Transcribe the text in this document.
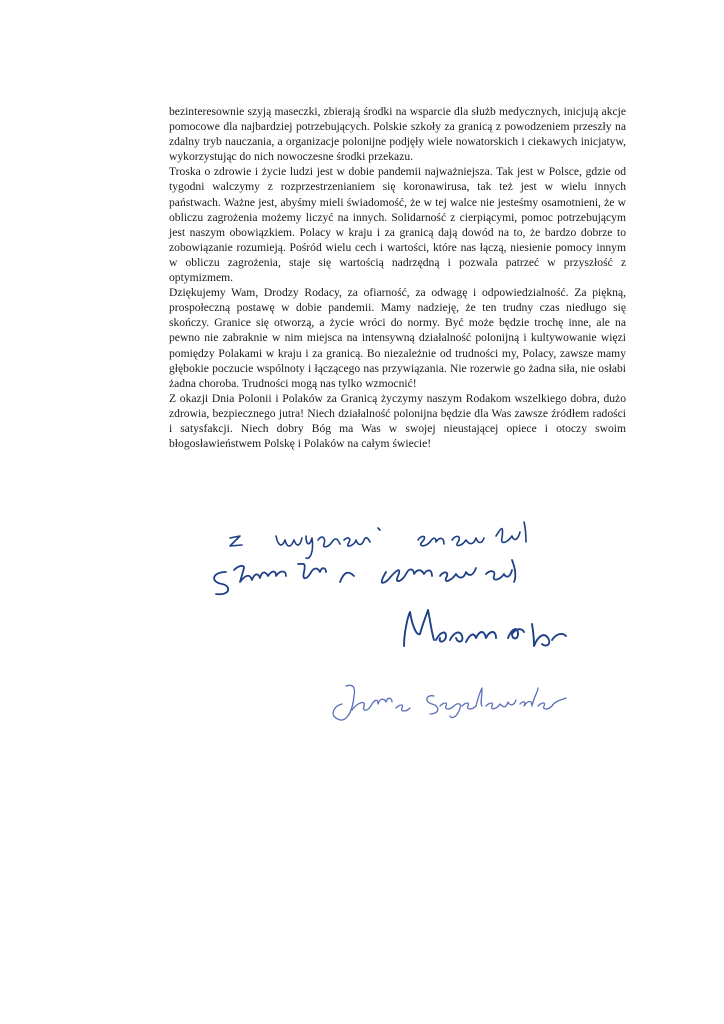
bezinteresownie szyją maseczki, zbierają środki na wsparcie dla służb medycznych, inicjują akcje pomocowe dla najbardziej potrzebujących. Polskie szkoły za granicą z powodzeniem przeszły na zdalny tryb nauczania, a organizacje polonijne podjęły wiele nowatorskich i ciekawych inicjatyw, wykorzystując do nich nowoczesne środki przekazu.

Troska o zdrowie i życie ludzi jest w dobie pandemii najważniejsza. Tak jest w Polsce, gdzie od tygodni walczymy z rozprzestrzenianiem się koronawirusa, tak też jest w wielu innych państwach. Ważne jest, abyśmy mieli świadomość, że w tej walce nie jesteśmy osamotnieni, że w obliczu zagrożenia możemy liczyć na innych. Solidarność z cierpiącymi, pomoc potrzebującym jest naszym obowiązkiem. Polacy w kraju i za granicą dają dowód na to, że bardzo dobrze to zobowiązanie rozumieją. Pośród wielu cech i wartości, które nas łączą, niesienie pomocy innym w obliczu zagrożenia, staje się wartością nadrzędną i pozwala patrzeć w przyszłość z optymizmem.

Dziękujemy Wam, Drodzy Rodacy, za ofiarność, za odwagę i odpowiedzialność. Za piękną, prospołeczną postawę w dobie pandemii. Mamy nadzieję, że ten trudny czas niedługo się skończy. Granice się otworzą, a życie wróci do normy. Być może będzie trochę inne, ale na pewno nie zabraknie w nim miejsca na intensywną działalność polonijną i kultywowanie więzi pomiędzy Polakami w kraju i za granicą. Bo niezależnie od trudności my, Polacy, zawsze mamy głębokie poczucie wspólnoty i łączącego nas przywiązania. Nie rozerwie go żadna siła, nie osłabi żadna choroba. Trudności mogą nas tylko wzmocnić!

Z okazji Dnia Polonii i Polaków za Granicą życzymy naszym Rodakom wszelkiego dobra, dużo zdrowia, bezpiecznego jutra! Niech działalność polonijna będzie dla Was zawsze źródłem radości i satysfakcji. Niech dobry Bóg ma Was w swojej nieustającej opiece i otoczy swoim błogosławieństwem Polskę i Polaków na całym świecie!
